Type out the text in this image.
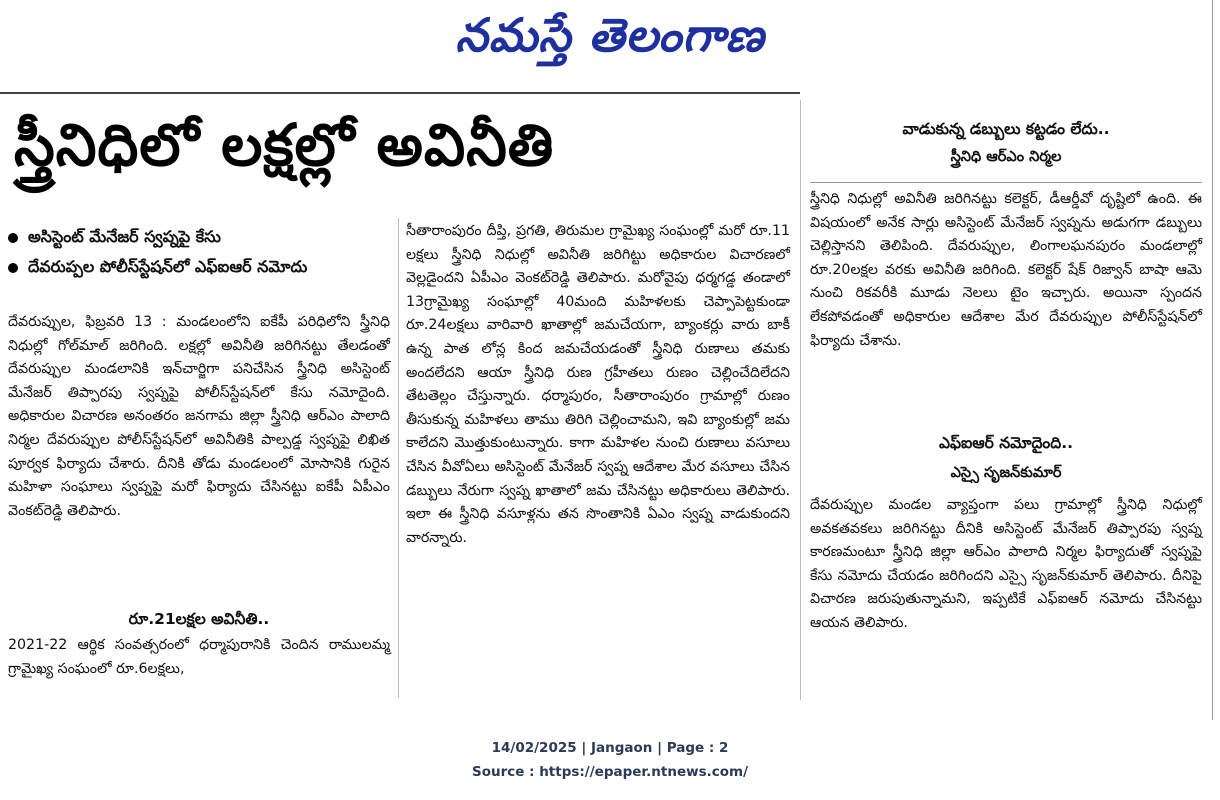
నమస్తే తెలంగాణ
స్త్రీనిధిలో లక్షల్లో అవినీతి
అసిస్టెంట్ మేనేజర్ స్వప్నపై కేసు
దేవరుప్పల పోలీస్‌స్టేషన్‌లో ఎఫ్ఐఆర్ నమోదు

దేవరుప్పుల, ఫిబ్రవరి 13 : మండలంలోని ఐకేపీ పరిధిలోని స్త్రీనిధి నిధుల్లో గోల్‌మాల్ జరిగింది. లక్షల్లో అవినీతి జరిగినట్టు తేలడంతో దేవరుప్పుల మండలానికి ఇన్‌చార్జిగా పనిచేసిన స్త్రీనిధి అసిస్టెంట్ మేనేజర్ తిప్పారపు స్వప్నపై పోలీస్‌స్టేషన్‌లో కేసు నమోదైంది. అధికారుల విచారణ అనంతరం జనగామ జిల్లా స్త్రీనిధి ఆర్ఎం పాలాది నిర్మల దేవరుప్పుల పోలీస్‌స్టేషన్‌లో అవినీతికి పాల్పడ్డ స్వప్నపై లిఖిత పూర్వక ఫిర్యాదు చేశారు. దీనికి తోడు మండలంలో మోసానికి గురైన మహిళా సంఘాలు స్వప్నపై మరో ఫిర్యాదు చేసినట్టు ఐకేపీ ఏపీఎం వెంకట్‌రెడ్డి తెలిపారు.

రూ.21లక్షల అవినీతి..

2021-22 ఆర్థిక సంవత్సరంలో ధర్మాపురానికి చెందిన రాములమ్మ గ్రామైఖ్య సంఘంలో రూ.6లక్షలు,

సీతారాంపురం దీప్తి, ప్రగతి, తిరుమల గ్రామైఖ్య సంఘంల్లో మరో రూ.11 లక్షలు స్త్రీనిధి నిధుల్లో అవినీతి జరిగిట్టు అధికారుల విచారణలో వెల్లడైందని ఏపీఎం వెంకట్‌రెడ్డి తెలిపారు. మరోవైపు ధర్మగడ్డ తండాలో 13గ్రామైఖ్య సంఘాల్లో 40మంది మహిళలకు చెప్పాపెట్టకుండా రూ.24లక్షలు వారివారి ఖాతాల్లో జమచేయగా, బ్యాంకర్లు వారు బాకీ ఉన్న పాత లోన్ల కింద జమచేయడంతో స్త్రీనిధి రుణాలు తమకు అందలేదని ఆయా స్త్రీనిధి రుణ గ్రహీతలు రుణం చెల్లించేదిలేదని తేటతెల్లం చేస్తున్నారు. ధర్మాపురం, సీతారాంపురం గ్రామాల్లో రుణం తీసుకున్న మహిళలు తాము తిరిగి చెల్లించామని, ఇవి బ్యాంకుల్లో జమ కాలేదని మొత్తుకుంటున్నారు. కాగా మహిళల నుంచి రుణాలు వసూలు చేసిన వీవోఏలు అసిస్టెంట్ మేనేజర్ స్వప్న ఆదేశాల మేర వసూలు చేసిన డబ్బులు నేరుగా స్వప్న ఖాతాలో జమ చేసినట్టు అధికారులు తెలిపారు. ఇలా ఈ స్త్రీనిధి వసూళ్లను తన సొంతానికి ఏఎం స్వప్న వాడుకుందని వారన్నారు.

వాడుకున్న డబ్బులు కట్టడం లేదు..
స్త్రీనిధి ఆర్ఎం నిర్మల

స్త్రీనిధి నిధుల్లో అవినీతి జరిగినట్టు కలెక్టర్, డీఆర్డీవో దృష్టిలో ఉంది. ఈ విషయంలో అనేక సార్లు అసిస్టెంట్ మేనేజర్ స్వప్నను అడుగగా డబ్బులు చెల్లిస్తానని తెలిపింది. దేవరుప్పుల, లింగాలఘనపురం మండలాల్లో రూ.20లక్షల వరకు అవినీతి జరిగింది. కలెక్టర్ షేక్ రిజ్వాన్ బాషా ఆమె నుంచి రికవరీకి మూడు నెలలు టైం ఇచ్చారు. అయినా స్పందన లేకపోవడంతో అధికారుల ఆదేశాల మేర దేవరుప్పుల పోలీస్‌స్టేషన్‌లో ఫిర్యాదు చేశాను.

ఎఫ్ఐఆర్ నమోదైంది..
ఎస్సై సృజన్‌కుమార్

దేవరుప్పుల మండల వ్యాప్తంగా పలు గ్రామాల్లో స్త్రీనిధి నిధుల్లో అవకతవకలు జరిగినట్టు దీనికి అసిస్టెంట్ మేనేజర్ తిప్పారపు స్వప్న కారణమంటూ స్త్రీనిధి జిల్లా ఆర్ఎం పాలాది నిర్మల ఫిర్యాదుతో స్వప్నపై కేసు నమోదు చేయడం జరిగిందని ఎస్సై సృజన్‌కుమార్ తెలిపారు. దీనిపై విచారణ జరుపుతున్నామని, ఇప్పటికే ఎఫ్ఐఆర్ నమోదు చేసినట్టు ఆయన తెలిపారు.

14/02/2025 | Jangaon | Page : 2
Source : https://epaper.ntnews.com/
